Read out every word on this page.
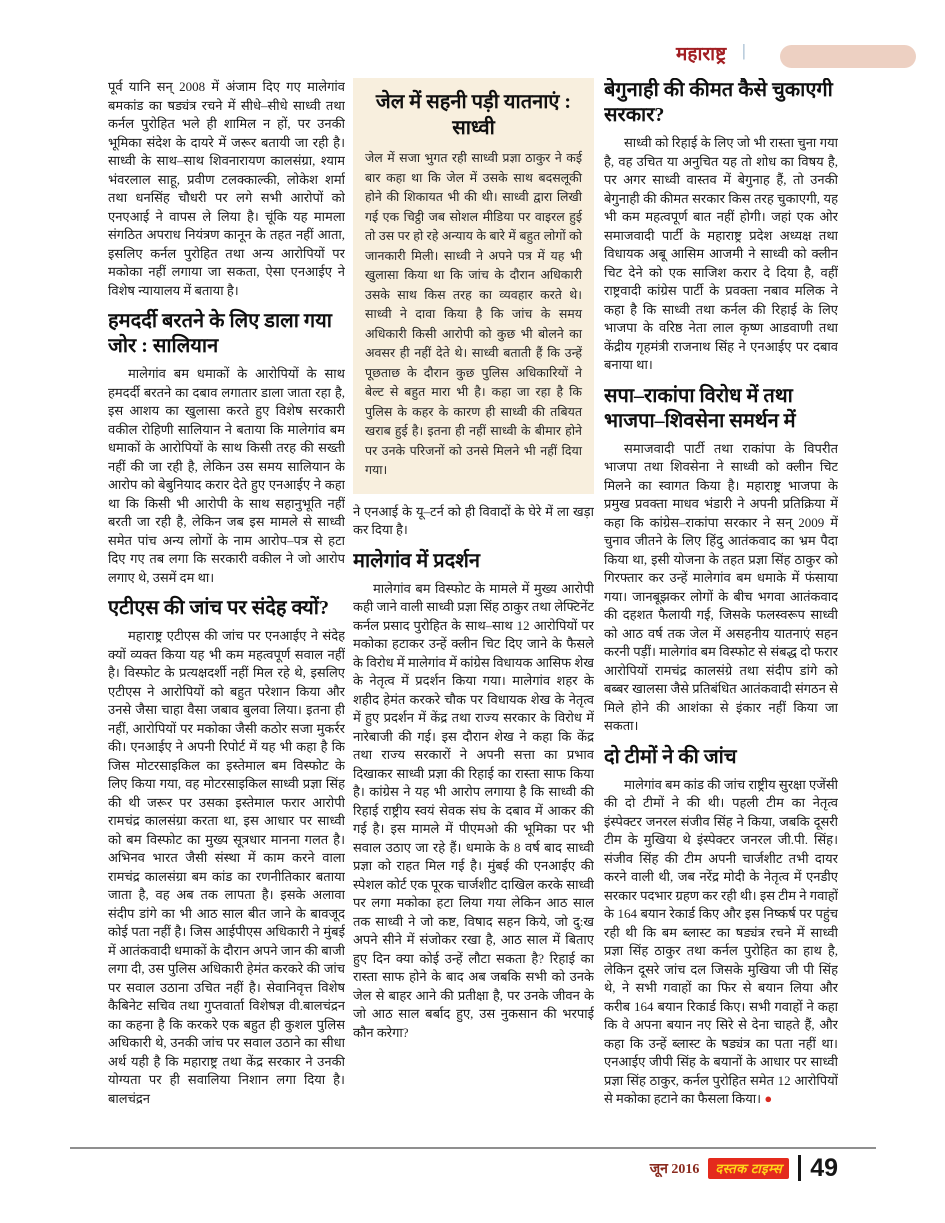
महाराष्ट्र |

पूर्व यानि सन् 2008 में अंजाम दिए गए मालेगांव बमकांड का षड्यंत्र रचने में सीधे–सीधे साध्वी तथा कर्नल पुरोहित भले ही शामिल न हों, पर उनकी भूमिका संदेश के दायरे में जरूर बतायी जा रही है। साध्वी के साथ–साथ शिवनारायण कालसंग्रा, श्याम भंवरलाल साहू, प्रवीण टलक्काल्की, लोकेश शर्मा तथा धनसिंह चौधरी पर लगे सभी आरोपों को एनएआई ने वापस ले लिया है। चूंकि यह मामला संगठित अपराध नियंत्रण कानून के तहत नहीं आता, इसलिए कर्नल पुरोहित तथा अन्य आरोपियों पर मकोका नहीं लगाया जा सकता, ऐसा एनआईए ने विशेष न्यायालय में बताया है।

हमदर्दी बरतने के लिए डाला गया जोर : सालियान

मालेगांव बम धमाकों के आरोपियों के साथ हमदर्दी बरतने का दबाव लगातार डाला जाता रहा है, इस आशय का खुलासा करते हुए विशेष सरकारी वकील रोहिणी सालियान ने बताया कि मालेगांव बम धमाकों के आरोपियों के साथ किसी तरह की सख्ती नहीं की जा रही है, लेकिन उस समय सालियान के आरोप को बेबुनियाद करार देते हुए एनआईए ने कहा था कि किसी भी आरोपी के साथ सहानुभूति नहीं बरती जा रही है, लेकिन जब इस मामले से साध्वी समेत पांच अन्य लोगों के नाम आरोप–पत्र से हटा दिए गए तब लगा कि सरकारी वकील ने जो आरोप लगाए थे, उसमें दम था।

एटीएस की जांच पर संदेह क्यों?

महाराष्ट्र एटीएस की जांच पर एनआईए ने संदेह क्यों व्यक्त किया यह भी कम महत्वपूर्ण सवाल नहीं है। विस्फोट के प्रत्यक्षदर्शी नहीं मिल रहे थे, इसलिए एटीएस ने आरोपियों को बहुत परेशान किया और उनसे जैसा चाहा वैसा जबाव बुलवा लिया। इतना ही नहीं, आरोपियों पर मकोका जैसी कठोर सजा मुकर्रर की। एनआईए ने अपनी रिपोर्ट में यह भी कहा है कि जिस मोटरसाइकिल का इस्तेमाल बम विस्फोट के लिए किया गया, वह मोटरसाइकिल साध्वी प्रज्ञा सिंह की थी जरूर पर उसका इस्तेमाल फरार आरोपी रामचंद्र कालसंग्रा करता था, इस आधार पर साध्वी को बम विस्फोट का मुख्य सूत्रधार मानना गलत है। अभिनव भारत जैसी संस्था में काम करने वाला रामचंद्र कालसंग्रा बम कांड का रणनीतिकार बताया जाता है, वह अब तक लापता है। इसके अलावा संदीप डांगे का भी आठ साल बीत जाने के बावजूद कोई पता नहीं है। जिस आईपीएस अधिकारी ने मुंबई में आतंकवादी धमाकों के दौरान अपने जान की बाजी लगा दी, उस पुलिस अधिकारी हेमंत करकरे की जांच पर सवाल उठाना उचित नहीं है। सेवानिवृत्त विशेष कैबिनेट सचिव तथा गुप्तवार्ता विशेषज्ञ वी.बालचंद्रन का कहना है कि करकरे एक बहुत ही कुशल पुलिस अधिकारी थे, उनकी जांच पर सवाल उठाने का सीधा अर्थ यही है कि महाराष्ट्र तथा केंद्र सरकार ने उनकी योग्यता पर ही सवालिया निशान लगा दिया है। बालचंद्रन

जेल में सहनी पड़ी यातनाएं : साध्वी

जेल में सजा भुगत रही साध्वी प्रज्ञा ठाकुर ने कई बार कहा था कि जेल में उसके साथ बदसलूकी होने की शिकायत भी की थी। साध्वी द्वारा लिखी गई एक चिट्ठी जब सोशल मीडिया पर वाइरल हुई तो उस पर हो रहे अन्याय के बारे में बहुत लोगों को जानकारी मिली। साध्वी ने अपने पत्र में यह भी खुलासा किया था कि जांच के दौरान अधिकारी उसके साथ किस तरह का व्यवहार करते थे। साध्वी ने दावा किया है कि जांच के समय अधिकारी किसी आरोपी को कुछ भी बोलने का अवसर ही नहीं देते थे। साध्वी बताती हैं कि उन्हें पूछताछ के दौरान कुछ पुलिस अधिकारियों ने बेल्ट से बहुत मारा भी है। कहा जा रहा है कि पुलिस के कहर के कारण ही साध्वी की तबियत खराब हुई है। इतना ही नहीं साध्वी के बीमार होने पर उनके परिजनों को उनसे मिलने भी नहीं दिया गया।

ने एनआई के यू–टर्न को ही विवादों के घेरे में ला खड़ा कर दिया है।

मालेगांव में प्रदर्शन

मालेगांव बम विस्फोट के मामले में मुख्य आरोपी कही जाने वाली साध्वी प्रज्ञा सिंह ठाकुर तथा लेफ्टिनेंट कर्नल प्रसाद पुरोहित के साथ–साथ 12 आरोपियों पर मकोका हटाकर उन्हें क्लीन चिट दिए जाने के फैसले के विरोध में मालेगांव में कांग्रेस विधायक आसिफ शेख के नेतृत्व में प्रदर्शन किया गया। मालेगांव शहर के शहीद हेमंत करकरे चौक पर विधायक शेख के नेतृत्व में हुए प्रदर्शन में केंद्र तथा राज्य सरकार के विरोध में नारेबाजी की गई। इस दौरान शेख ने कहा कि केंद्र तथा राज्य सरकारों ने अपनी सत्ता का प्रभाव दिखाकर साध्वी प्रज्ञा की रिहाई का रास्ता साफ किया है। कांग्रेस ने यह भी आरोप लगाया है कि साध्वी की रिहाई राष्ट्रीय स्वयं सेवक संघ के दबाव में आकर की गई है। इस मामले में पीएमओ की भूमिका पर भी सवाल उठाए जा रहे हैं। धमाके के 8 वर्ष बाद साध्वी प्रज्ञा को राहत मिल गई है। मुंबई की एनआईए की स्पेशल कोर्ट एक पूरक चार्जशीट दाखिल करके साध्वी पर लगा मकोका हटा लिया गया लेकिन आठ साल तक साध्वी ने जो कष्ट, विषाद सहन किये, जो दु:ख अपने सीने में संजोकर रखा है, आठ साल में बिताए हुए दिन क्या कोई उन्हें लौटा सकता है? रिहाई का रास्ता साफ होने के बाद अब जबकि सभी को उनके जेल से बाहर आने की प्रतीक्षा है, पर उनके जीवन के जो आठ साल बर्बाद हुए, उस नुकसान की भरपाई कौन करेगा?

बेगुनाही की कीमत कैसे चुकाएगी सरकार?

साध्वी को रिहाई के लिए जो भी रास्ता चुना गया है, वह उचित या अनुचित यह तो शोध का विषय है, पर अगर साध्वी वास्तव में बेगुनाह हैं, तो उनकी बेगुनाही की कीमत सरकार किस तरह चुकाएगी, यह भी कम महत्वपूर्ण बात नहीं होगी। जहां एक ओर समाजवादी पार्टी के महाराष्ट्र प्रदेश अध्यक्ष तथा विधायक अबू आसिम आजमी ने साध्वी को क्लीन चिट देने को एक साजिश करार दे दिया है, वहीं राष्ट्रवादी कांग्रेस पार्टी के प्रवक्ता नबाव मलिक ने कहा है कि साध्वी तथा कर्नल की रिहाई के लिए भाजपा के वरिष्ठ नेता लाल कृष्ण आडवाणी तथा केंद्रीय गृहमंत्री राजनाथ सिंह ने एनआईए पर दबाव बनाया था।

सपा–राकांपा विरोध में तथा भाजपा–शिवसेना समर्थन में

समाजवादी पार्टी तथा राकांपा के विपरीत भाजपा तथा शिवसेना ने साध्वी को क्लीन चिट मिलने का स्वागत किया है। महाराष्ट्र भाजपा के प्रमुख प्रवक्ता माधव भंडारी ने अपनी प्रतिक्रिया में कहा कि कांग्रेस–राकांपा सरकार ने सन् 2009 में चुनाव जीतने के लिए हिंदु आतंकवाद का भ्रम पैदा किया था, इसी योजना के तहत प्रज्ञा सिंह ठाकुर को गिरफ्तार कर उन्हें मालेगांव बम धमाके में फंसाया गया। जानबूझकर लोगों के बीच भगवा आतंकवाद की दहशत फैलायी गई, जिसके फलस्वरूप साध्वी को आठ वर्ष तक जेल में असहनीय यातनाएं सहन करनी पड़ीं। मालेगांव बम विस्फोट से संबद्ध दो फरार आरोपियों रामचंद्र कालसंग्रे तथा संदीप डांगे को बब्बर खालसा जैसे प्रतिबंधित आतंकवादी संगठन से मिले होने की आशंका से इंकार नहीं किया जा सकता।

दो टीमों ने की जांच

मालेगांव बम कांड की जांच राष्ट्रीय सुरक्षा एजेंसी की दो टीमों ने की थी। पहली टीम का नेतृत्व इंस्पेक्टर जनरल संजीव सिंह ने किया, जबकि दूसरी टीम के मुखिया थे इंस्पेक्टर जनरल जी.पी. सिंह। संजीव सिंह की टीम अपनी चार्जशीट तभी दायर करने वाली थी, जब नरेंद्र मोदी के नेतृत्व में एनडीए सरकार पदभार ग्रहण कर रही थी। इस टीम ने गवाहों के 164 बयान रेकार्ड किए और इस निष्कर्ष पर पहुंच रही थी कि बम ब्लास्ट का षड्यंत्र रचने में साध्वी प्रज्ञा सिंह ठाकुर तथा कर्नल पुरोहित का हाथ है, लेकिन दूसरे जांच दल जिसके मुखिया जी पी सिंह थे, ने सभी गवाहों का फिर से बयान लिया और करीब 164 बयान रिकार्ड किए। सभी गवाहों ने कहा कि वे अपना बयान नए सिरे से देना चाहते हैं, और कहा कि उन्हें ब्लास्ट के षड्यंत्र का पता नहीं था। एनआईए जीपी सिंह के बयानों के आधार पर साध्वी प्रज्ञा सिंह ठाकुर, कर्नल पुरोहित समेत 12 आरोपियों से मकोका हटाने का फैसला किया। ●

जून 2016	दस्तक टाइम्स 49
